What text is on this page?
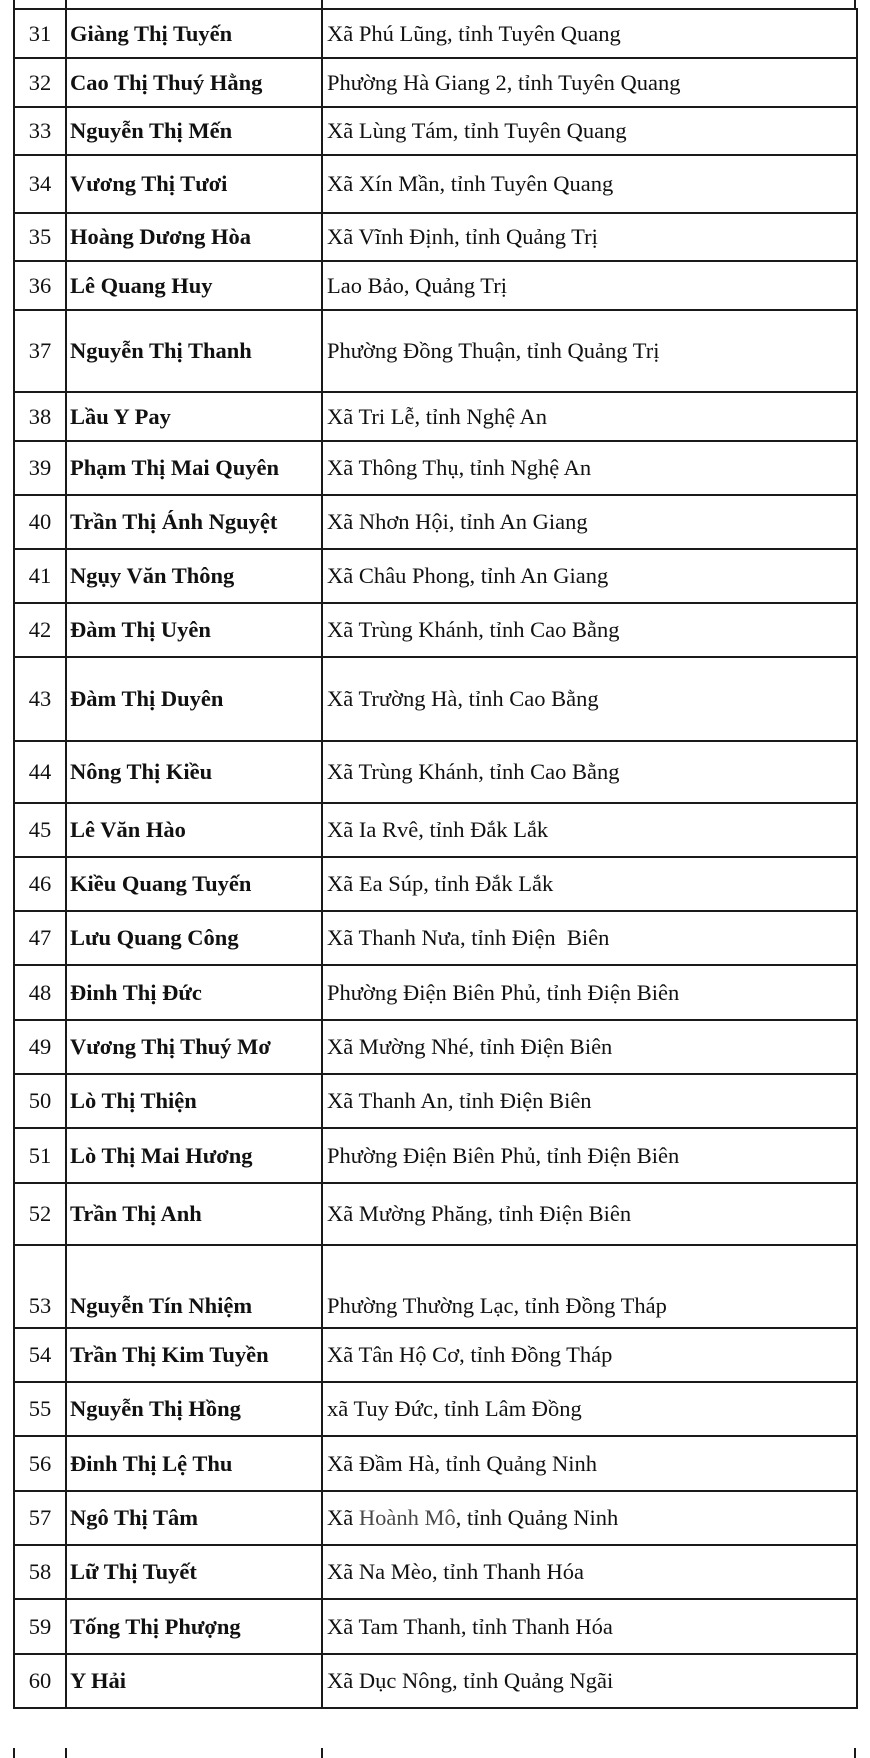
31	Giàng Thị Tuyến	Xã Phú Lũng, tỉnh Tuyên Quang
32	Cao Thị Thuý Hằng	Phường Hà Giang 2, tỉnh Tuyên Quang
33	Nguyễn Thị Mến	Xã Lùng Tám, tỉnh Tuyên Quang
34	Vương Thị Tươi	Xã Xín Mần, tỉnh Tuyên Quang
35	Hoàng Dương Hòa	Xã Vĩnh Định, tỉnh Quảng Trị
36	Lê Quang Huy	Lao Bảo, Quảng Trị
37	Nguyễn Thị Thanh	Phường Đồng Thuận, tỉnh Quảng Trị
38	Lầu Y Pay	Xã Tri Lễ, tỉnh Nghệ An
39	Phạm Thị Mai Quyên	Xã Thông Thụ, tỉnh Nghệ An
40	Trần Thị Ánh Nguyệt	Xã Nhơn Hội, tỉnh An Giang
41	Ngụy Văn Thông	Xã Châu Phong, tỉnh An Giang
42	Đàm Thị Uyên	Xã Trùng Khánh, tỉnh Cao Bằng
43	Đàm Thị Duyên	Xã Trường Hà, tỉnh Cao Bằng
44	Nông Thị Kiều	Xã Trùng Khánh, tỉnh Cao Bằng
45	Lê Văn Hào	Xã Ia Rvê, tỉnh Đắk Lắk
46	Kiều Quang Tuyến	Xã Ea Súp, tỉnh Đắk Lắk
47	Lưu Quang Công	Xã Thanh Nưa, tỉnh Điện  Biên
48	Đinh Thị Đức	Phường Điện Biên Phủ, tỉnh Điện Biên
49	Vương Thị Thuý Mơ	Xã Mường Nhé, tỉnh Điện Biên
50	Lò Thị Thiện	Xã Thanh An, tỉnh Điện Biên
51	Lò Thị Mai Hương	Phường Điện Biên Phủ, tỉnh Điện Biên
52	Trần Thị Anh	Xã Mường Phăng, tỉnh Điện Biên
53	Nguyễn Tín Nhiệm	Phường Thường Lạc, tỉnh Đồng Tháp
54	Trần Thị Kim Tuyền	Xã Tân Hộ Cơ, tỉnh Đồng Tháp
55	Nguyễn Thị Hồng	xã Tuy Đức, tỉnh Lâm Đồng
56	Đinh Thị Lệ Thu	Xã Đầm Hà, tỉnh Quảng Ninh
57	Ngô Thị Tâm	Xã Hoành Mô, tỉnh Quảng Ninh
58	Lữ Thị Tuyết	Xã Na Mèo, tỉnh Thanh Hóa
59	Tống Thị Phượng	Xã Tam Thanh, tỉnh Thanh Hóa
60	Y Hải	Xã Dục Nông, tỉnh Quảng Ngãi
